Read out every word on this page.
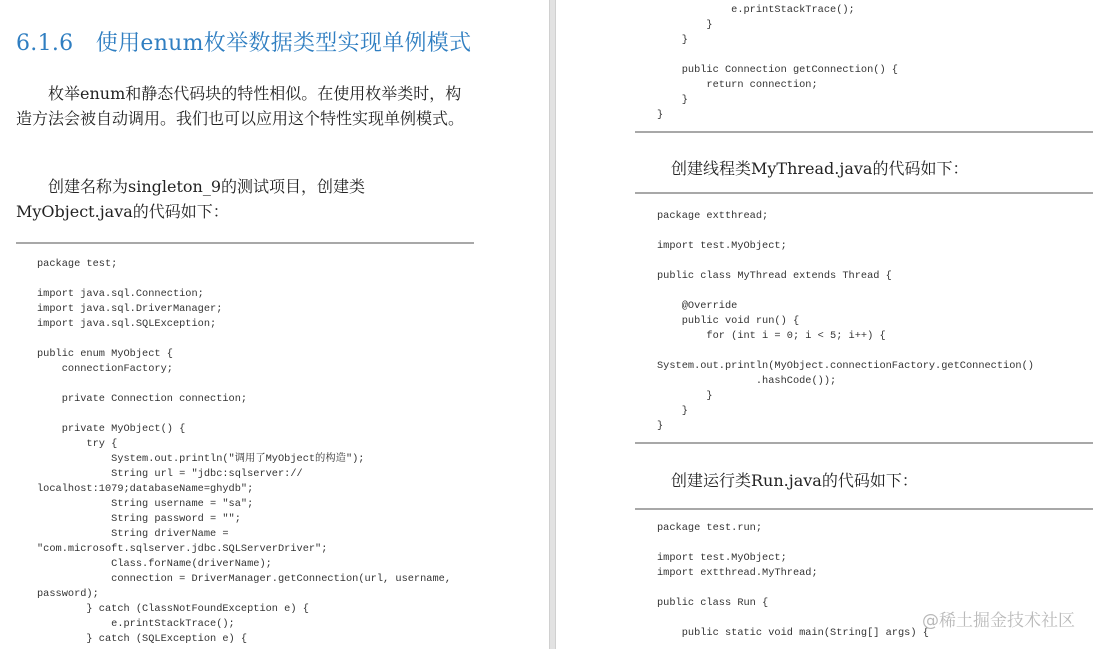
6.1.6　使用enum枚举数据类型实现单例模式

枚举enum和静态代码块的特性相似。在使用枚举类时，构造方法会被自动调用。我们也可以应用这个特性实现单例模式。

创建名称为singleton_9的测试项目，创建类MyObject.java的代码如下：

package test;

import java.sql.Connection;
import java.sql.DriverManager;
import java.sql.SQLException;

public enum MyObject {
connectionFactory;

private Connection connection;

private MyObject() {
try {
System.out.println("调用了MyObject的构造");
String url = "jdbc:sqlserver://
localhost:1079;databaseName=ghydb";
String username = "sa";
String password = "";
String driverName =
"com.microsoft.sqlserver.jdbc.SQLServerDriver";
Class.forName(driverName);
connection = DriverManager.getConnection(url, username,
password);
} catch (ClassNotFoundException e) {
e.printStackTrace();
} catch (SQLException e) {
e.printStackTrace();
}
}

public Connection getConnection() {
return connection;
}
}
创建线程类MyThread.java的代码如下：
package extthread;

import test.MyObject;

public class MyThread extends Thread {

@Override
public void run() {
for (int i = 0; i < 5; i++) {

System.out.println(MyObject.connectionFactory.getConnection()
.hashCode());
}
}
}
创建运行类Run.java的代码如下：
package test.run;

import test.MyObject;
import extthread.MyThread;

public class Run {

public static void main(String[] args) {
@稀土掘金技术社区
